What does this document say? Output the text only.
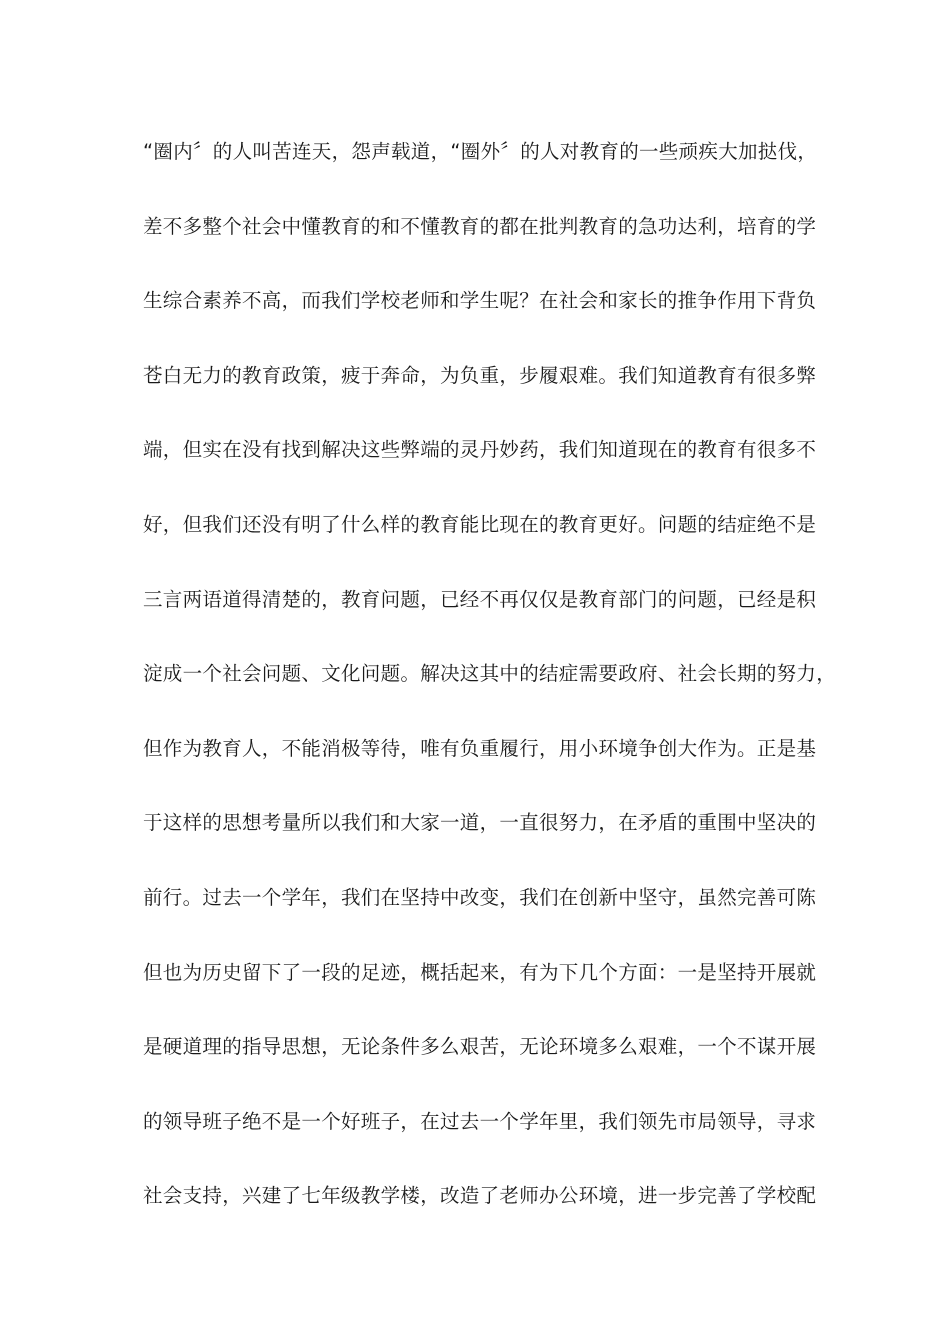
“圈内〞的人叫苦连天，怨声载道，“圈外〞的人对教育的一些顽疾大加挞伐，
差不多整个社会中懂教育的和不懂教育的都在批判教育的急功达利，培育的学
生综合素养不高，而我们学校老师和学生呢？在社会和家长的推争作用下背负
苍白无力的教育政策，疲于奔命，为负重，步履艰难。我们知道教育有很多弊
端，但实在没有找到解决这些弊端的灵丹妙药，我们知道现在的教育有很多不
好，但我们还没有明了什么样的教育能比现在的教育更好。问题的结症绝不是
三言两语道得清楚的，教育问题，已经不再仅仅是教育部门的问题，已经是积
淀成一个社会问题、文化问题。解决这其中的结症需要政府、社会长期的努力，
但作为教育人，不能消极等待，唯有负重履行，用小环境争创大作为。正是基
于这样的思想考量所以我们和大家一道，一直很努力，在矛盾的重围中坚决的
前行。过去一个学年，我们在坚持中改变，我们在创新中坚守，虽然完善可陈
但也为历史留下了一段的足迹，概括起来，有为下几个方面：一是坚持开展就
是硬道理的指导思想，无论条件多么艰苦，无论环境多么艰难，一个不谋开展
的领导班子绝不是一个好班子，在过去一个学年里，我们领先市局领导，寻求
社会支持，兴建了七年级教学楼，改造了老师办公环境，进一步完善了学校配
